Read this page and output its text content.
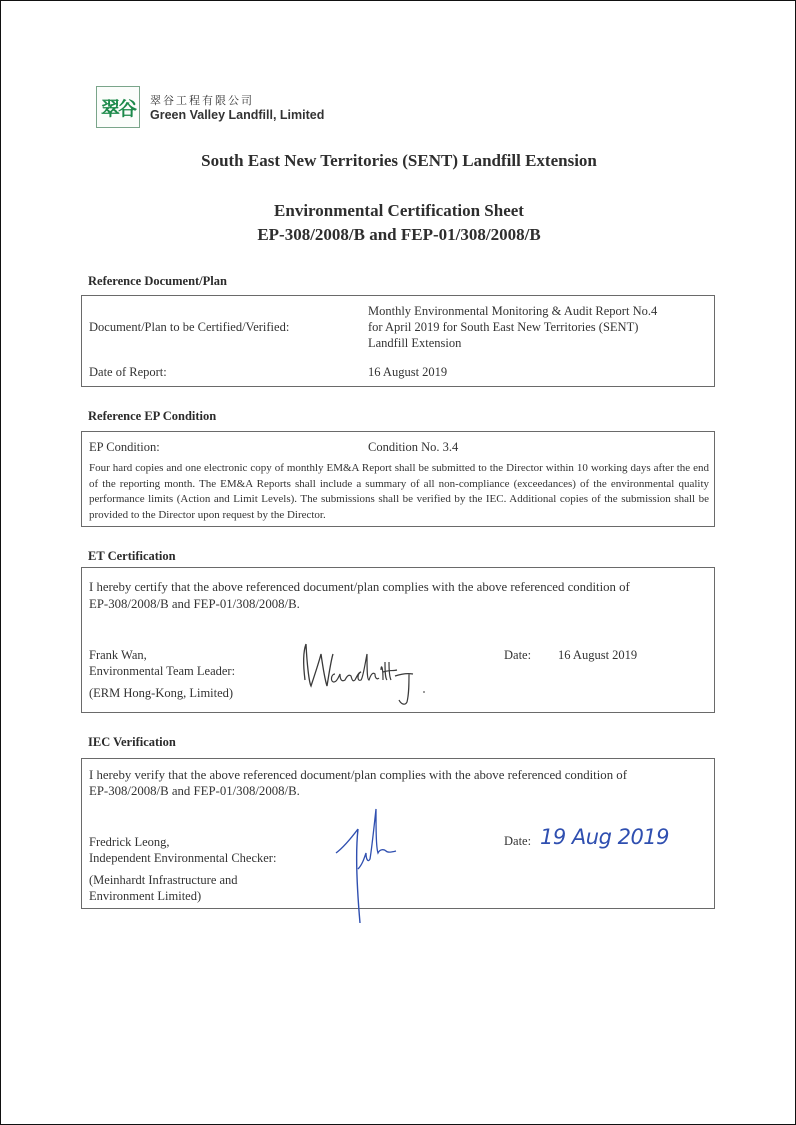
翠谷	翠谷工程有限公司
Green Valley Landfill, Limited
South East New Territories (SENT) Landfill Extension
Environmental Certification Sheet
EP-308/2008/B and FEP-01/308/2008/B
Reference Document/Plan
Document/Plan to be Certified/Verified:
Monthly Environmental Monitoring & Audit Report No.4
for April 2019 for South East New Territories (SENT)
Landfill Extension
Date of Report:	16 August 2019
Reference EP Condition
EP Condition:	Condition No. 3.4
Four hard copies and one electronic copy of monthly EM&A Report shall be submitted to the Director within 10 working days after the end of the reporting month. The EM&A Reports shall include a summary of all non-compliance (exceedances) of the environmental quality performance limits (Action and Limit Levels). The submissions shall be verified by the IEC. Additional copies of the submission shall be provided to the Director upon request by the Director.
ET Certification
I hereby certify that the above referenced document/plan complies with the above referenced condition of
EP-308/2008/B and FEP-01/308/2008/B.
Frank Wan,
Environmental Team Leader:
(ERM Hong-Kong, Limited)
Date: 16 August 2019
IEC Verification
I hereby verify that the above referenced document/plan complies with the above referenced condition of
EP-308/2008/B and FEP-01/308/2008/B.
Fredrick Leong,
Independent Environmental Checker:
(Meinhardt Infrastructure and
Environment Limited)
Date: 19 Aug 2019
